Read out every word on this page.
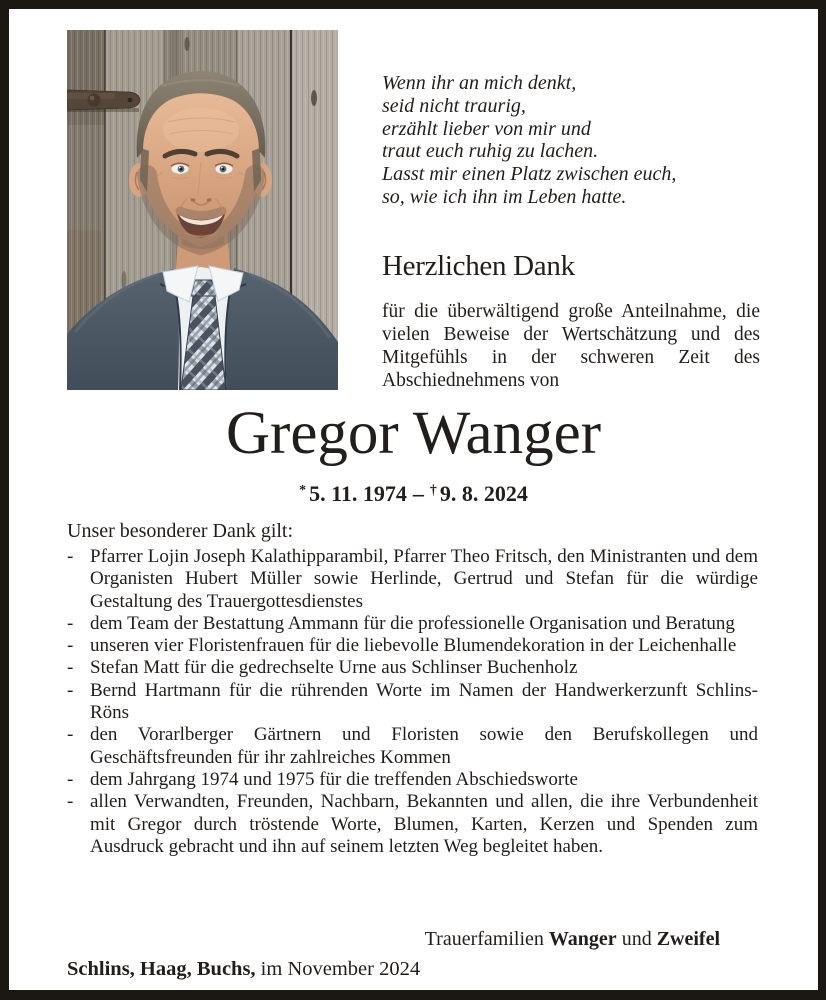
Wenn ihr an mich denkt,
seid nicht traurig,
erzählt lieber von mir und
traut euch ruhig zu lachen.
Lasst mir einen Platz zwischen euch,
so, wie ich ihn im Leben hatte.
Herzlichen Dank
für die überwältigend große Anteilnahme, die vielen Beweise der Wertschätzung und des Mitgefühls in der schweren Zeit des Abschiednehmens von
Gregor Wanger
* 5. 11. 1974 – † 9. 8. 2024
Unser besonderer Dank gilt:
- Pfarrer Lojin Joseph Kalathipparambil, Pfarrer Theo Fritsch, den Ministranten und dem Organisten Hubert Müller sowie Herlinde, Gertrud und Stefan für die würdige Gestaltung des Trauergottesdienstes
- dem Team der Bestattung Ammann für die professionelle Organisation und Beratung
- unseren vier Floristenfrauen für die liebevolle Blumendekoration in der Leichenhalle
- Stefan Matt für die gedrechselte Urne aus Schlinser Buchenholz
- Bernd Hartmann für die rührenden Worte im Namen der Handwerkerzunft Schlins-Röns
- den Vorarlberger Gärtnern und Floristen sowie den Berufskollegen und Geschäftsfreunden für ihr zahlreiches Kommen
- dem Jahrgang 1974 und 1975 für die treffenden Abschiedsworte
- allen Verwandten, Freunden, Nachbarn, Bekannten und allen, die ihre Verbundenheit mit Gregor durch tröstende Worte, Blumen, Karten, Kerzen und Spenden zum Ausdruck gebracht und ihn auf seinem letzten Weg begleitet haben.
Trauerfamilien Wanger und Zweifel
Schlins, Haag, Buchs, im November 2024
